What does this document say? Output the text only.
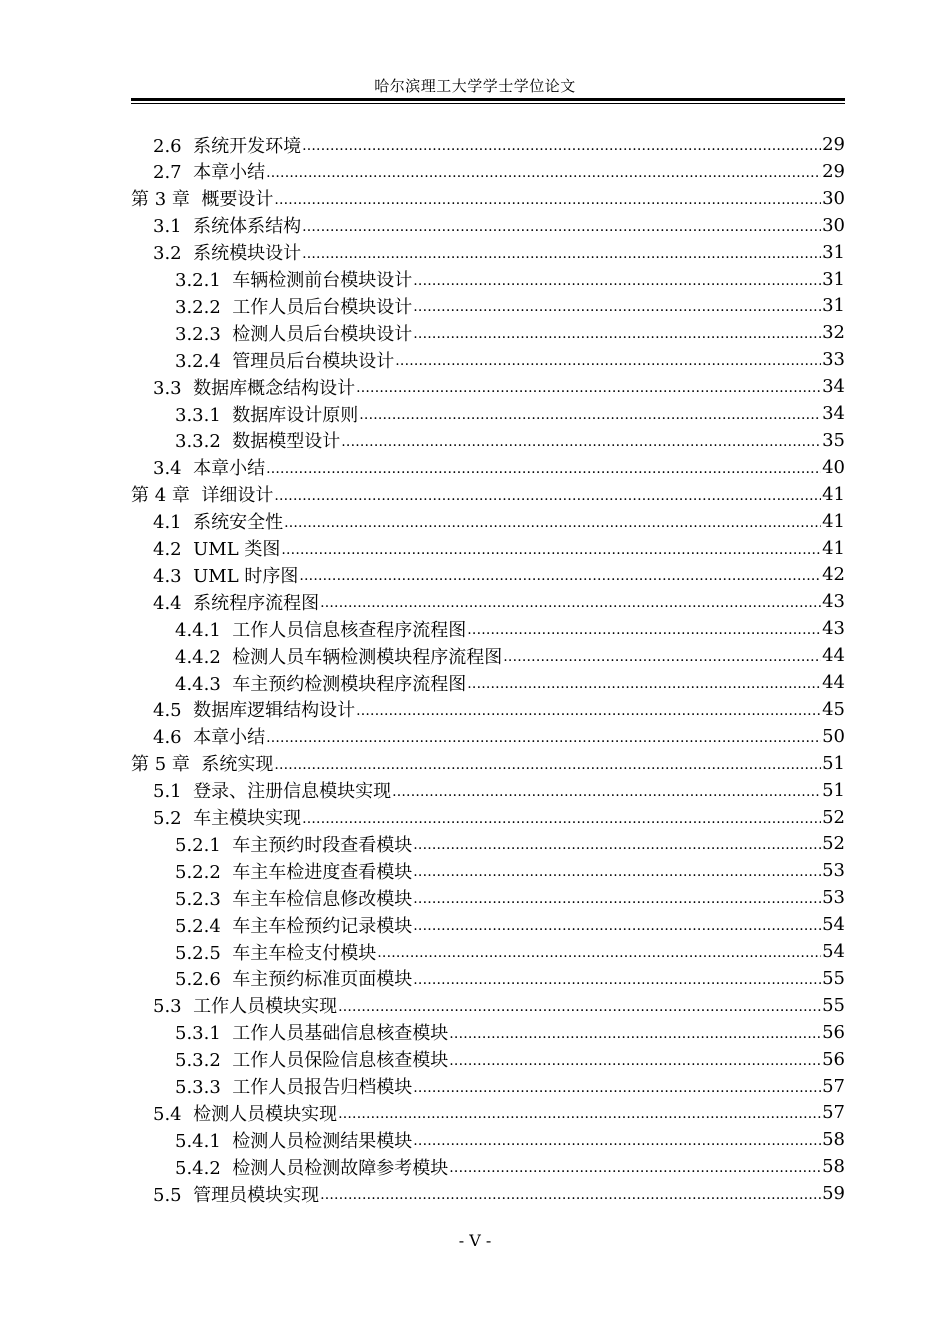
哈尔滨理工大学学士学位论文
2.6 系统开发环境 .....	29
2.7 本章小结 .....	29
第 3 章 概要设计 .....	30
3.1 系统体系结构 .....	30
3.2 系统模块设计 .....	31
3.2.1 车辆检测前台模块设计 .....	31
3.2.2 工作人员后台模块设计 .....	31
3.2.3 检测人员后台模块设计 .....	32
3.2.4 管理员后台模块设计 .....	33
3.3 数据库概念结构设计 .....	34
3.3.1 数据库设计原则 .....	34
3.3.2 数据模型设计 .....	35
3.4 本章小结 .....	40
第 4 章 详细设计 .....	41
4.1 系统安全性 .....	41
4.2 UML 类图 .....	41
4.3 UML 时序图 .....	42
4.4 系统程序流程图 .....	43
4.4.1 工作人员信息核查程序流程图 .....	43
4.4.2 检测人员车辆检测模块程序流程图 .....	44
4.4.3 车主预约检测模块程序流程图 .....	44
4.5 数据库逻辑结构设计 .....	45
4.6 本章小结 .....	50
第 5 章 系统实现 .....	51
5.1 登录、注册信息模块实现 .....	51
5.2 车主模块实现 .....	52
5.2.1 车主预约时段查看模块 .....	52
5.2.2 车主车检进度查看模块 .....	53
5.2.3 车主车检信息修改模块 .....	53
5.2.4 车主车检预约记录模块 .....	54
5.2.5 车主车检支付模块 .....	54
5.2.6 车主预约标准页面模块 .....	55
5.3 工作人员模块实现 .....	55
5.3.1 工作人员基础信息核查模块 .....	56
5.3.2 工作人员保险信息核查模块 .....	56
5.3.3 工作人员报告归档模块 .....	57
5.4 检测人员模块实现 .....	57
5.4.1 检测人员检测结果模块 .....	58
5.4.2 检测人员检测故障参考模块 .....	58
5.5 管理员模块实现 .....	59
- V -
